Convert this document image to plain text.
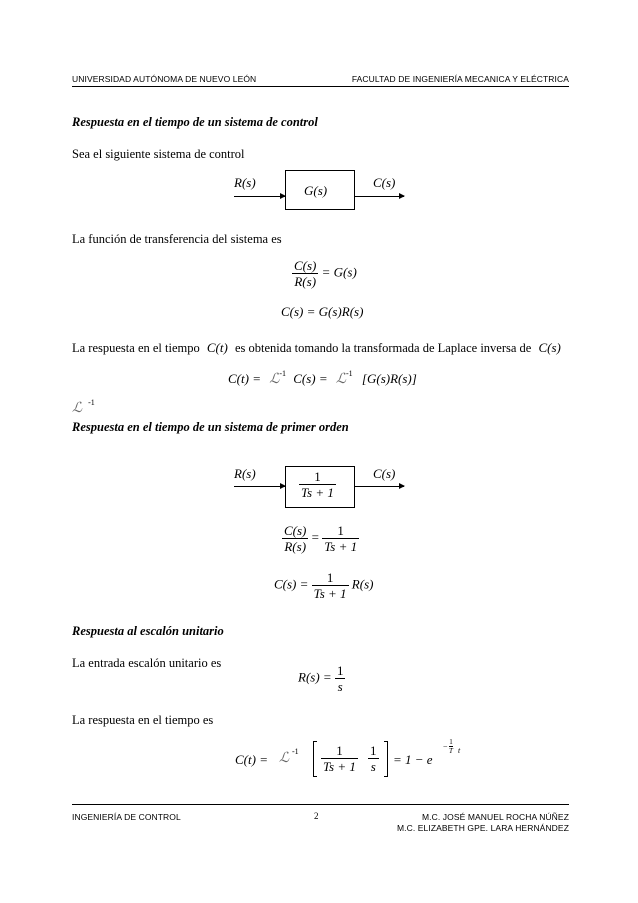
UNIVERSIDAD AUTÓNOMA DE NUEVO LEÓN	FACULTAD DE INGENIERÍA MECANICA Y ELÉCTRICA
Respuesta en el tiempo de un sistema de control
Sea el siguiente sistema de control
R(s)
G(s)
C(s)
La función de transferencia del sistema es
$\frac{C(s)}{R(s)} = G(s)$
C(s) = G(s)R(s)
La respuesta en el tiempo C(t) es obtenida tomando la transformada de Laplace inversa de C(s)
C(t) = ℒ$^{-1}$ C(s) = ℒ$^{-1}$ [G(s)R(s)]
ℒ $^{-1}$
Respuesta en el tiempo de un sistema de primer orden
R(s)	$\frac{1}{Ts + 1}$	C(s)
$\frac{C(s)}{R(s)} = \frac{1}{Ts + 1}$
$C(s) = \frac{1}{Ts + 1} R(s)$
Respuesta al escalón unitario
La entrada escalón unitario es
$R(s) = \frac{1}{s}$
La respuesta en el tiempo es
C(t) = ℒ $-1 \frac{1}{Ts + 1} \frac{1}{s} = 1 - e$
− $\frac{1}{T}$ t
INGENIERÍA DE CONTROL	2	M.C. JOSÉ MANUEL ROCHA NÚÑEZ
M.C. ELIZABETH GPE. LARA HERNÁNDEZ
